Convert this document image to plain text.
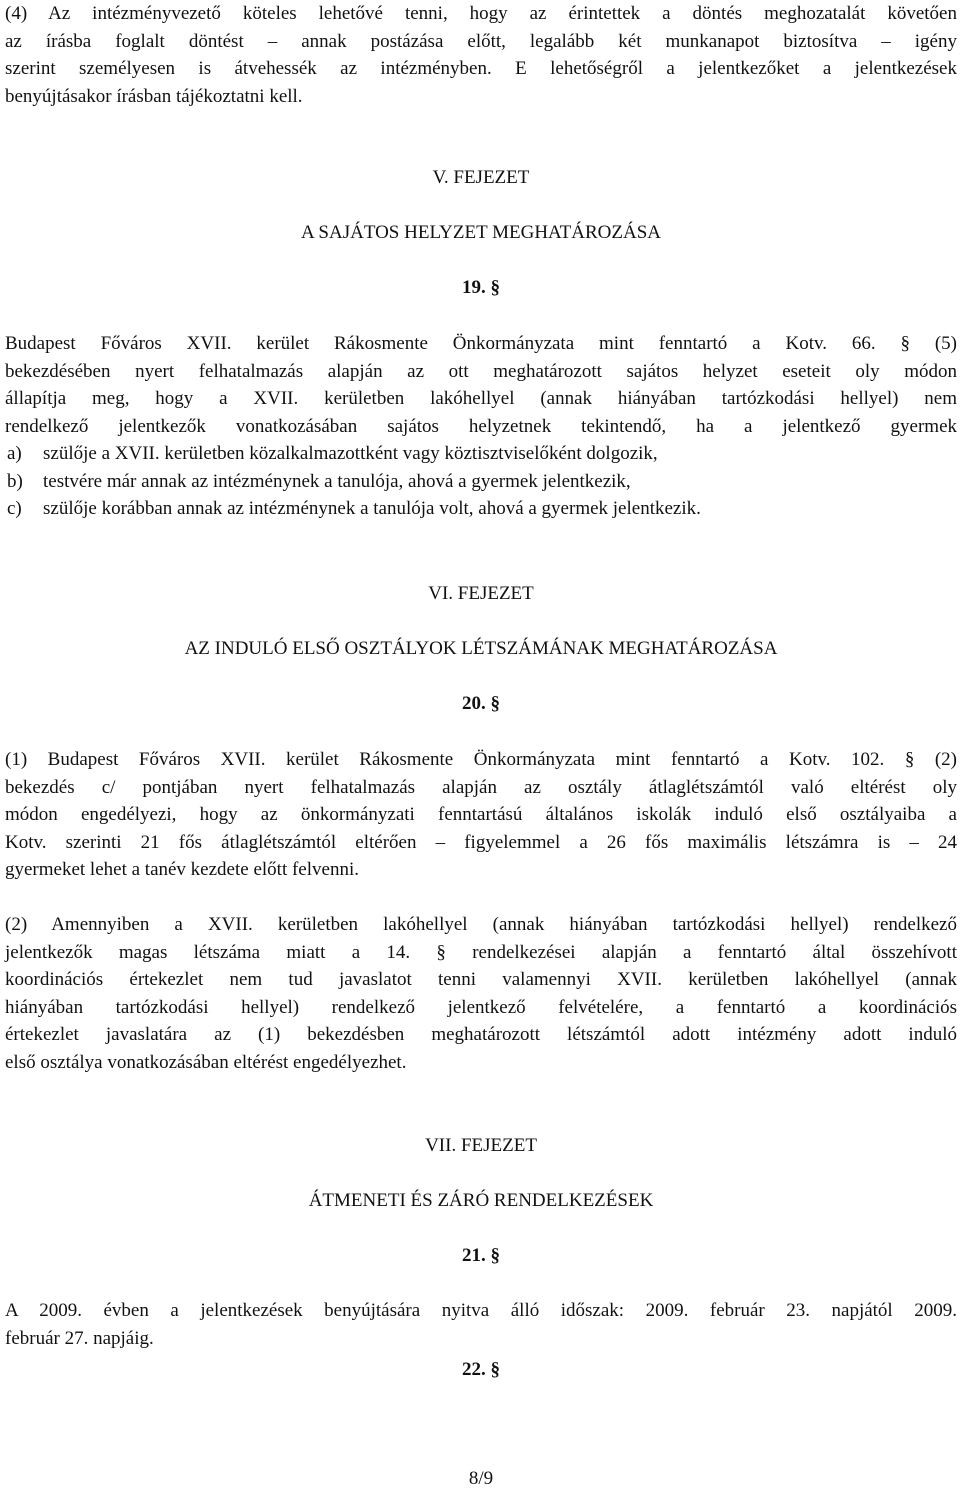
(4) Az intézményvezető köteles lehetővé tenni, hogy az érintettek a döntés meghozatalát követően

az írásba foglalt döntést – annak postázása előtt, legalább két munkanapot biztosítva – igény

szerint személyesen is átvehessék az intézményben. E lehetőségről a jelentkezőket a jelentkezések

benyújtásakor írásban tájékoztatni kell.

V. FEJEZET
A SAJÁTOS HELYZET MEGHATÁROZÁSA
19. §

Budapest Főváros XVII. kerület Rákosmente Önkormányzata mint fenntartó a Kotv. 66. § (5)

bekezdésében nyert felhatalmazás alapján az ott meghatározott sajátos helyzet eseteit oly módon

állapítja meg, hogy a XVII. kerületben lakóhellyel (annak hiányában tartózkodási hellyel) nem

rendelkező jelentkezők vonatkozásában sajátos helyzetnek tekintendő, ha a jelentkező gyermek

a)	szülője a XVII. kerületben közalkalmazottként vagy köztisztviselőként dolgozik,
b)	testvére már annak az intézménynek a tanulója, ahová a gyermek jelentkezik,
c)	szülője korábban annak az intézménynek a tanulója volt, ahová a gyermek jelentkezik.
VI. FEJEZET
AZ INDULÓ ELSŐ OSZTÁLYOK LÉTSZÁMÁNAK MEGHATÁROZÁSA
20. §

(1) Budapest Főváros XVII. kerület Rákosmente Önkormányzata mint fenntartó a Kotv. 102. § (2)

bekezdés c/ pontjában nyert felhatalmazás alapján az osztály átlaglétszámtól való eltérést oly

módon engedélyezi, hogy az önkormányzati fenntartású általános iskolák induló első osztályaiba a

Kotv. szerinti 21 fős átlaglétszámtól eltérően – figyelemmel a 26 fős maximális létszámra is – 24

gyermeket lehet a tanév kezdete előtt felvenni.

(2) Amennyiben a XVII. kerületben lakóhellyel (annak hiányában tartózkodási hellyel) rendelkező

jelentkezők magas létszáma miatt a 14. § rendelkezései alapján a fenntartó által összehívott

koordinációs értekezlet nem tud javaslatot tenni valamennyi XVII. kerületben lakóhellyel (annak

hiányában tartózkodási hellyel) rendelkező jelentkező felvételére, a fenntartó a koordinációs

értekezlet javaslatára az (1) bekezdésben meghatározott létszámtól adott intézmény adott induló

első osztálya vonatkozásában eltérést engedélyezhet.

VII. FEJEZET
ÁTMENETI ÉS ZÁRÓ RENDELKEZÉSEK
21. §

A 2009. évben a jelentkezések benyújtására nyitva álló időszak: 2009. február 23. napjától 2009.

február 27. napjáig.

22. §
8/9
